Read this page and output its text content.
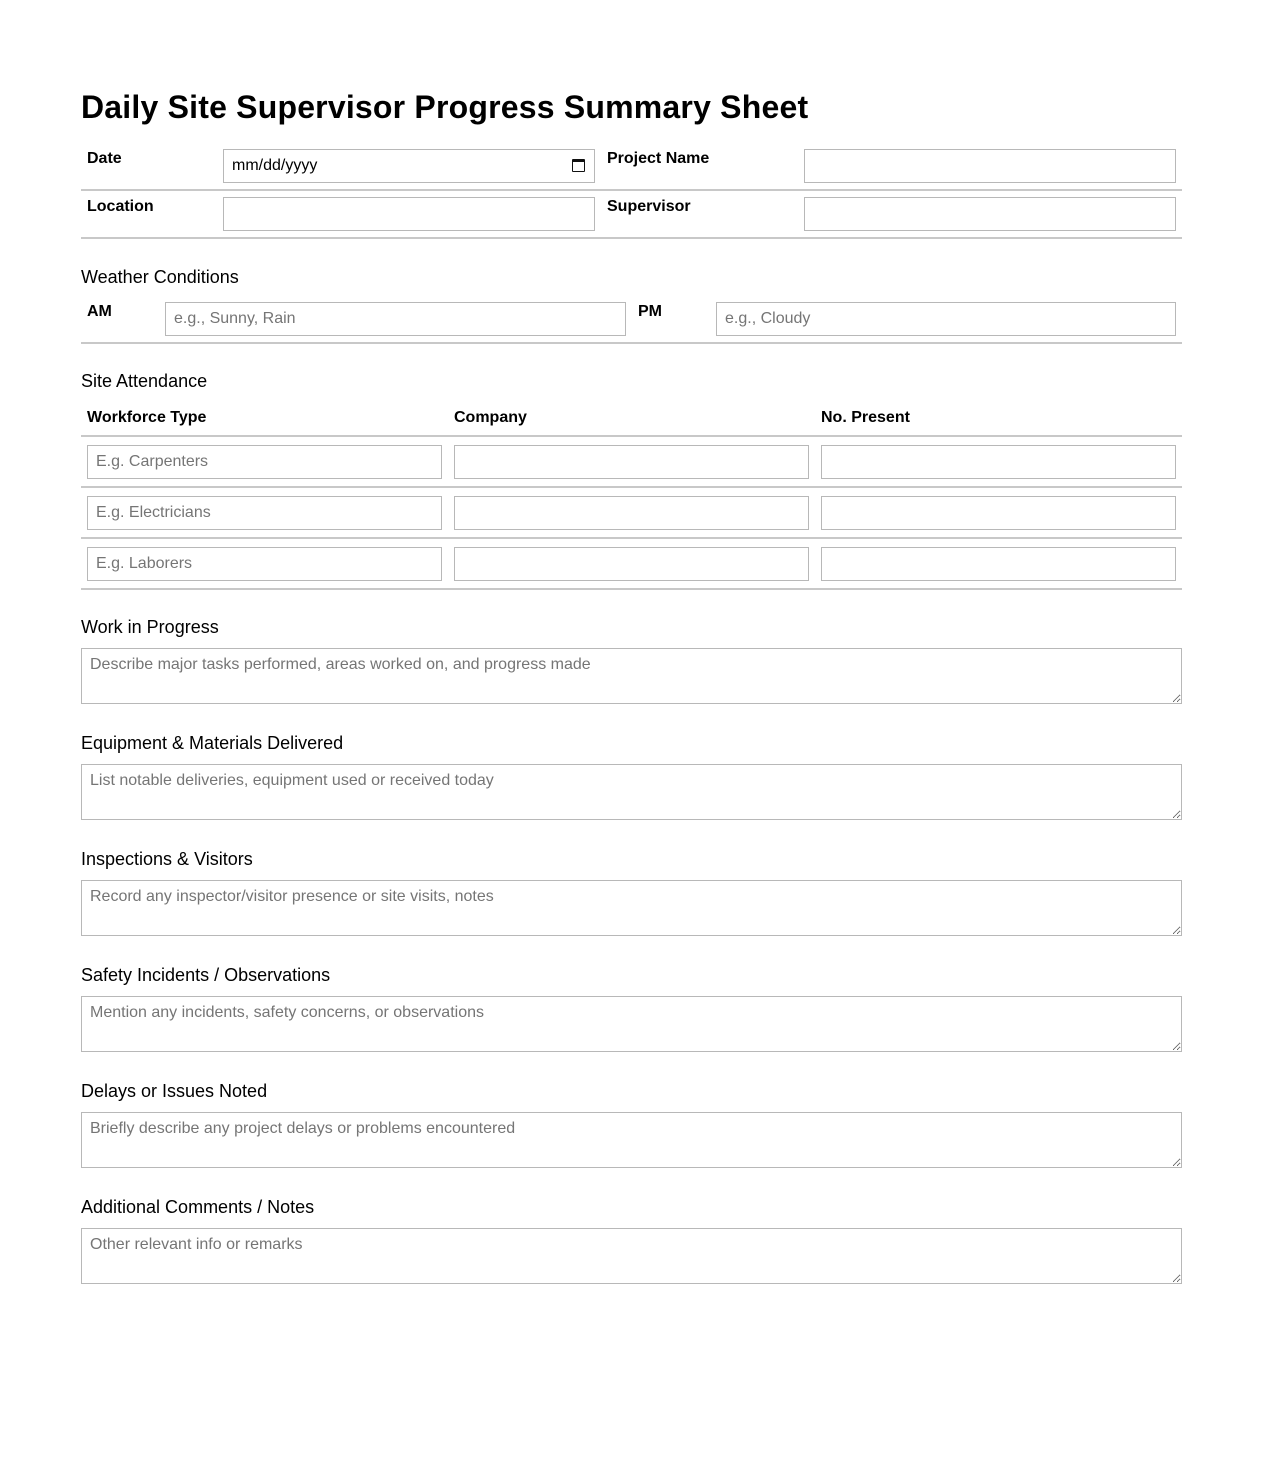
Daily Site Supervisor Progress Summary Sheet
Date	mm/dd/yyyy	Project Name	
Location		Supervisor	
Weather Conditions
AM	e.g., Sunny, Rain	PM	e.g., Cloudy
Site Attendance
Workforce Type	Company	No. Present
E.g. Carpenters		
E.g. Electricians		
E.g. Laborers		
Work in Progress
Describe major tasks performed, areas worked on, and progress made
Equipment & Materials Delivered
List notable deliveries, equipment used or received today
Inspections & Visitors
Record any inspector/visitor presence or site visits, notes
Safety Incidents / Observations
Mention any incidents, safety concerns, or observations
Delays or Issues Noted
Briefly describe any project delays or problems encountered
Additional Comments / Notes
Other relevant info or remarks
